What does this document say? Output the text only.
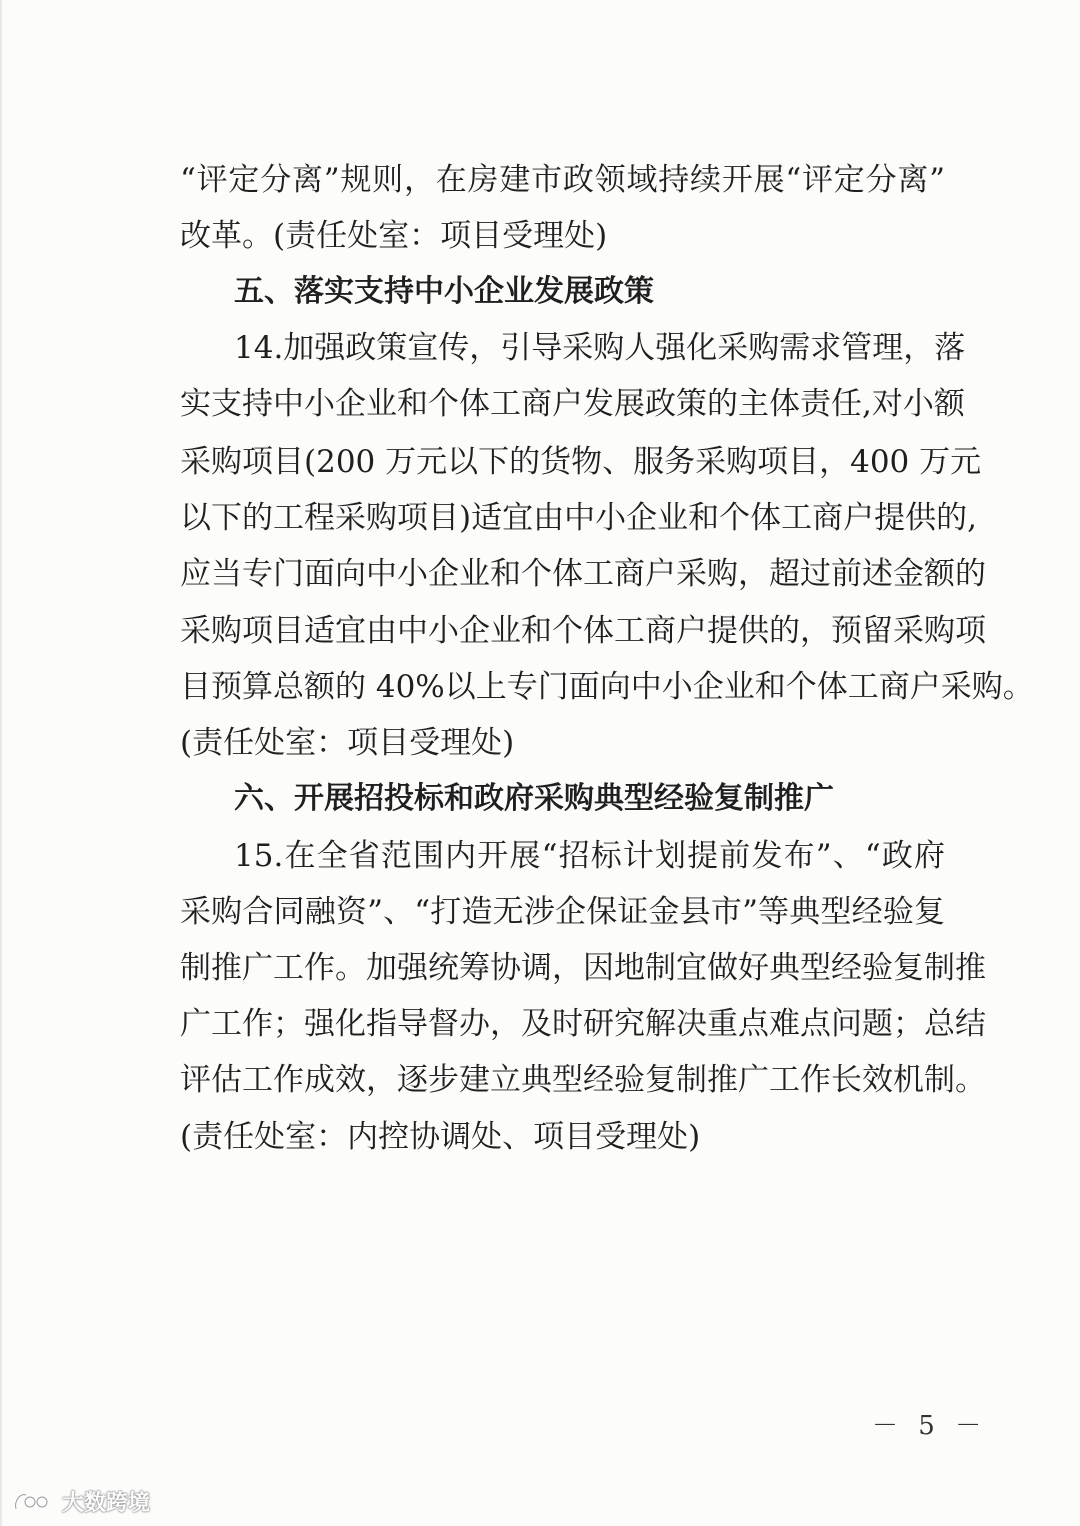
“评定分离”规则，在房建市政领域持续开展“评定分离”
改革。(责任处室：项目受理处)
五、落实支持中小企业发展政策
14.加强政策宣传，引导采购人强化采购需求管理，落
实支持中小企业和个体工商户发展政策的主体责任,对小额
采购项目(200 万元以下的货物、服务采购项目，400 万元
以下的工程采购项目)适宜由中小企业和个体工商户提供的,
应当专门面向中小企业和个体工商户采购，超过前述金额的
采购项目适宜由中小企业和个体工商户提供的，预留采购项
目预算总额的 40%以上专门面向中小企业和个体工商户采购。
(责任处室：项目受理处)
六、开展招投标和政府采购典型经验复制推广
15.在全省范围内开展“招标计划提前发布”、“政府
采购合同融资”、“打造无涉企保证金县市”等典型经验复
制推广工作。加强统筹协调，因地制宜做好典型经验复制推
广工作；强化指导督办，及时研究解决重点难点问题；总结
评估工作成效，逐步建立典型经验复制推广工作长效机制。
(责任处室：内控协调处、项目受理处)
－ 5 －
大数跨境
